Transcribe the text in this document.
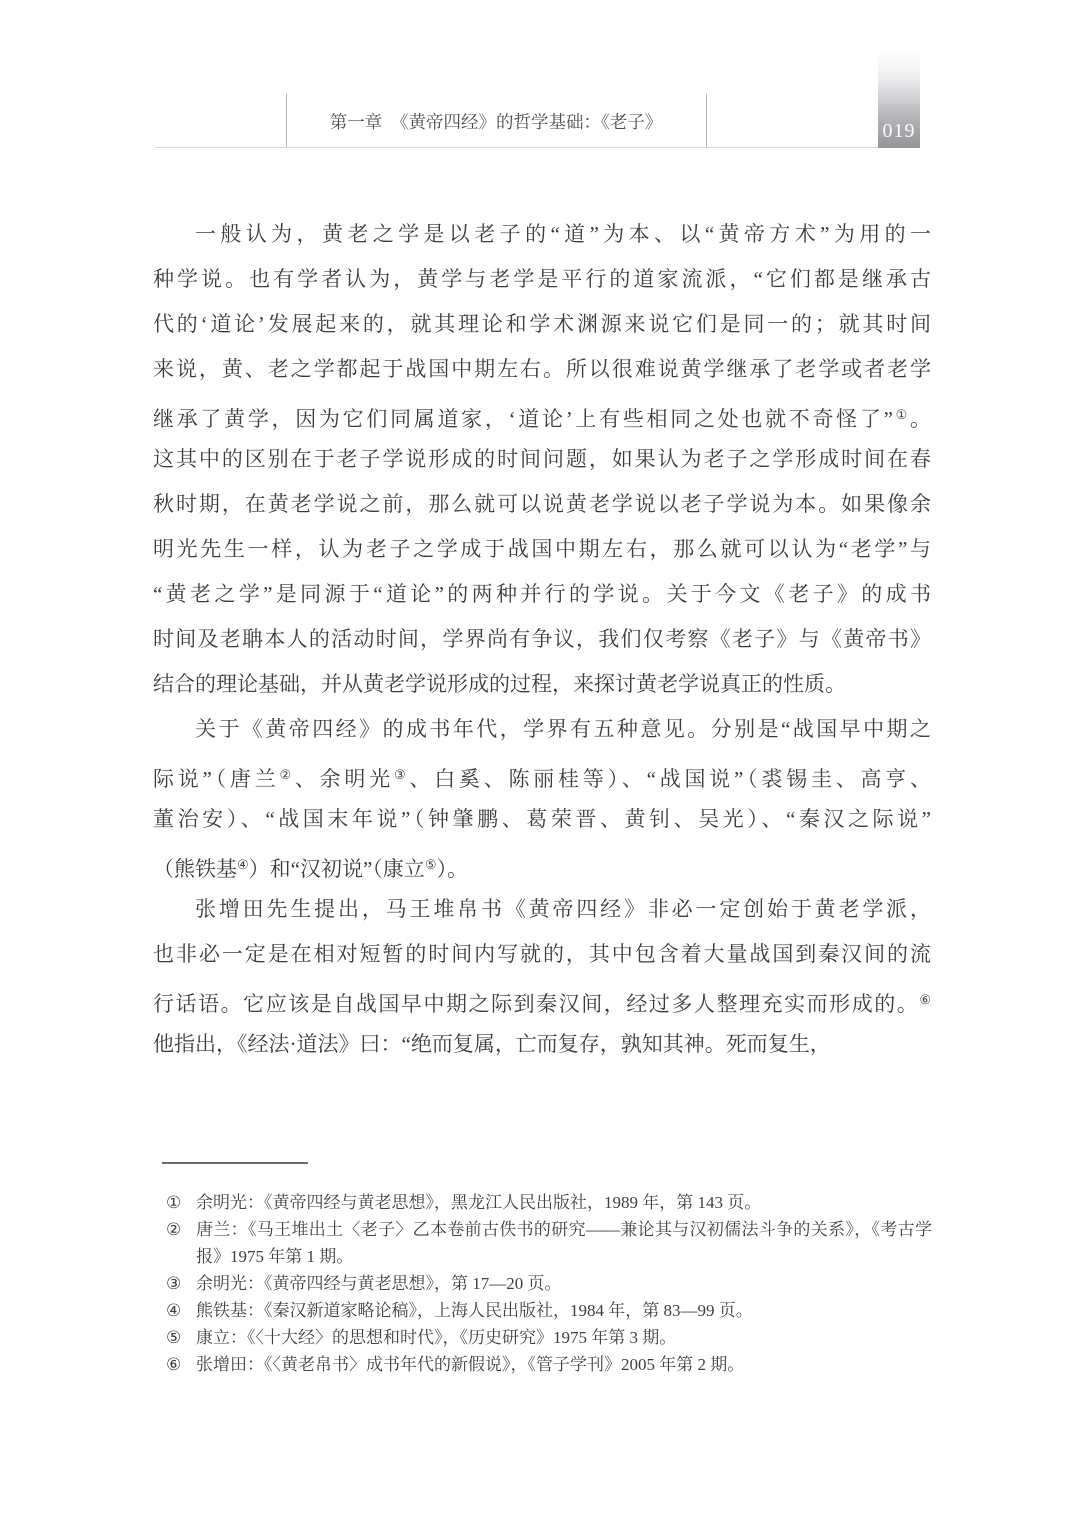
第一章　《黄帝四经》的哲学基础：《老子》	019
一般认为，黄老之学是以老子的“道”为本、以“黄帝方术”为用的一
种学说。也有学者认为，黄学与老学是平行的道家流派，“它们都是继承古
代的‘道论’发展起来的，就其理论和学术渊源来说它们是同一的；就其时间
来说，黄、老之学都起于战国中期左右。所以很难说黄学继承了老学或者老学
继承了黄学，因为它们同属道家，‘道论’上有些相同之处也就不奇怪了”①。
这其中的区别在于老子学说形成的时间问题，如果认为老子之学形成时间在春
秋时期，在黄老学说之前，那么就可以说黄老学说以老子学说为本。如果像余
明光先生一样，认为老子之学成于战国中期左右，那么就可以认为“老学”与
“黄老之学”是同源于“道论”的两种并行的学说。关于今文《老子》的成书
时间及老聃本人的活动时间，学界尚有争议，我们仅考察《老子》与《黄帝书》
结合的理论基础，并从黄老学说形成的过程，来探讨黄老学说真正的性质。
关于《黄帝四经》的成书年代，学界有五种意见。分别是“战国早中期之
际说”（唐兰②、余明光③、白奚、陈丽桂等）、“战国说”（裘锡圭、高亨、
董治安）、“战国末年说”（钟肇鹏、葛荣晋、黄钊、吴光）、“秦汉之际说”
（熊铁基④）和“汉初说”（康立⑤）。
张增田先生提出，马王堆帛书《黄帝四经》非必一定创始于黄老学派，
也非必一定是在相对短暂的时间内写就的，其中包含着大量战国到秦汉间的流
行话语。它应该是自战国早中期之际到秦汉间，经过多人整理充实而形成的。⑥
他指出，《经法·道法》曰：“绝而复属，亡而复存，孰知其神。死而复生，
① 余明光：《黄帝四经与黄老思想》，黑龙江人民出版社，1989 年，第 143 页。
② 唐兰：《马王堆出土〈老子〉乙本卷前古佚书的研究——兼论其与汉初儒法斗争的关系》，《考古学报》1975 年第 1 期。
③ 余明光：《黄帝四经与黄老思想》，第 17—20 页。
④ 熊铁基：《秦汉新道家略论稿》，上海人民出版社，1984 年，第 83—99 页。
⑤ 康立：《〈十大经〉的思想和时代》，《历史研究》1975 年第 3 期。
⑥ 张增田：《〈黄老帛书〉成书年代的新假说》，《管子学刊》2005 年第 2 期。
